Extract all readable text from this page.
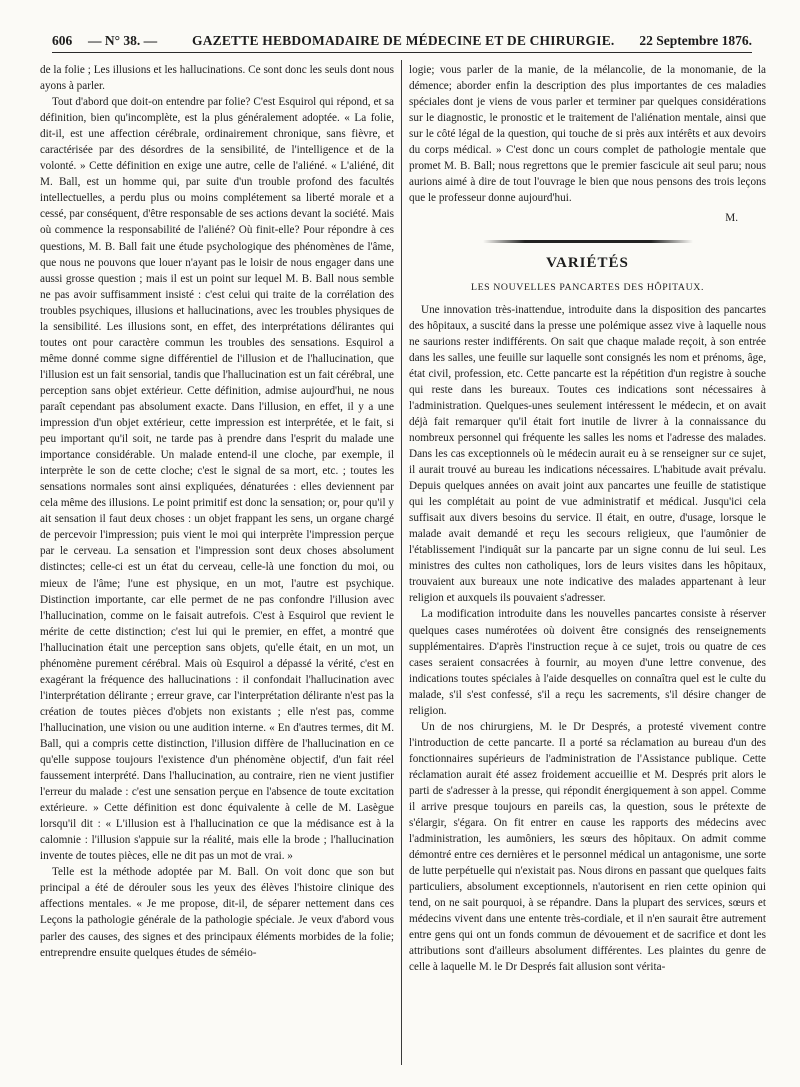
606 — N° 38. —	GAZETTE HEBDOMADAIRE DE MÉDECINE ET DE CHIRURGIE. 22 Septembre 1876.

de la folie ; Les illusions et les hallucinations. Ce sont donc les seuls dont nous ayons à parler.

Tout d'abord que doit-on entendre par folie? C'est Esquirol qui répond, et sa définition, bien qu'incomplète, est la plus généralement adoptée. « La folie, dit-il, est une affection cérébrale, ordinairement chronique, sans fièvre, et caractérisée par des désordres de la sensibilité, de l'intelligence et de la volonté. » Cette définition en exige une autre, celle de l'aliéné. « L'aliéné, dit M. Ball, est un homme qui, par suite d'un trouble profond des facultés intellectuelles, a perdu plus ou moins complétement sa liberté morale et a cessé, par conséquent, d'être responsable de ses actions devant la société. Mais où commence la responsabilité de l'aliéné? Où finit-elle? Pour répondre à ces questions, M. B. Ball fait une étude psychologique des phénomènes de l'âme, que nous ne pouvons que louer n'ayant pas le loisir de nous engager dans une aussi grosse question ; mais il est un point sur lequel M. B. Ball nous semble ne pas avoir suffisamment insisté : c'est celui qui traite de la corrélation des troubles psychiques, illusions et hallucinations, avec les troubles physiques de la sensibilité. Les illusions sont, en effet, des interprétations délirantes qui toutes ont pour caractère commun les troubles des sensations. Esquirol a même donné comme signe différentiel de l'illusion et de l'hallucination, que l'illusion est un fait sensorial, tandis que l'hallucination est un fait cérébral, une perception sans objet extérieur. Cette définition, admise aujourd'hui, ne nous paraît cependant pas absolument exacte. Dans l'illusion, en effet, il y a une impression d'un objet extérieur, cette impression est interprétée, et le fait, si peu important qu'il soit, ne tarde pas à prendre dans l'esprit du malade une importance considérable. Un malade entend-il une cloche, par exemple, il interprète le son de cette cloche; c'est le signal de sa mort, etc. ; toutes les sensations normales sont ainsi expliquées, dénaturées : elles deviennent par cela même des illusions. Le point primitif est donc la sensation; or, pour qu'il y ait sensation il faut deux choses : un objet frappant les sens, un organe chargé de percevoir l'impression; puis vient le moi qui interprète l'impression perçue par le cerveau. La sensation et l'impression sont deux choses absolument distinctes; celle-ci est un état du cerveau, celle-là une fonction du moi, ou mieux de l'âme; l'une est physique, en un mot, l'autre est psychique. Distinction importante, car elle permet de ne pas confondre l'illusion avec l'hallucination, comme on le faisait autrefois. C'est à Esquirol que revient le mérite de cette distinction; c'est lui qui le premier, en effet, a montré que l'hallucination était une perception sans objets, qu'elle était, en un mot, un phénomène purement cérébral. Mais où Esquirol a dépassé la vérité, c'est en exagérant la fréquence des hallucinations : il confondait l'hallucination avec l'interprétation délirante ; erreur grave, car l'interprétation délirante n'est pas la création de toutes pièces d'objets non existants ; elle n'est pas, comme l'hallucination, une vision ou une audition interne. « En d'autres termes, dit M. Ball, qui a compris cette distinction, l'illusion diffère de l'hallucination en ce qu'elle suppose toujours l'existence d'un phénomène objectif, d'un fait réel faussement interprété. Dans l'hallucination, au contraire, rien ne vient justifier l'erreur du malade : c'est une sensation perçue en l'absence de toute excitation extérieure. » Cette définition est donc équivalente à celle de M. Lasègue lorsqu'il dit : « L'illusion est à l'hallucination ce que la médisance est à la calomnie : l'illusion s'appuie sur la réalité, mais elle la brode ; l'hallucination invente de toutes pièces, elle ne dit pas un mot de vrai. »

Telle est la méthode adoptée par M. Ball. On voit donc que son but principal a été de dérouler sous les yeux des élèves l'histoire clinique des affections mentales. « Je me propose, dit-il, de séparer nettement dans ces Leçons la pathologie générale de la pathologie spéciale. Je veux d'abord vous parler des causes, des signes et des principaux éléments morbides de la folie; entreprendre ensuite quelques études de séméio-

logie; vous parler de la manie, de la mélancolie, de la monomanie, de la démence; aborder enfin la description des plus importantes de ces maladies spéciales dont je viens de vous parler et terminer par quelques considérations sur le diagnostic, le pronostic et le traitement de l'aliénation mentale, ainsi que sur le côté légal de la question, qui touche de si près aux intérêts et aux devoirs du corps médical. » C'est donc un cours complet de pathologie mentale que promet M. B. Ball; nous regrettons que le premier fascicule ait seul paru; nous aurions aimé à dire de tout l'ouvrage le bien que nous pensons des trois leçons que le professeur donne aujourd'hui.

M.

VARIÉTÉS

LES NOUVELLES PANCARTES DES HÔPITAUX.

Une innovation très-inattendue, introduite dans la disposition des pancartes des hôpitaux, a suscité dans la presse une polémique assez vive à laquelle nous ne saurions rester indifférents. On sait que chaque malade reçoit, à son entrée dans les salles, une feuille sur laquelle sont consignés les nom et prénoms, âge, état civil, profession, etc. Cette pancarte est la répétition d'un registre à souche qui reste dans les bureaux. Toutes ces indications sont nécessaires à l'administration. Quelques-unes seulement intéressent le médecin, et on avait déjà fait remarquer qu'il était fort inutile de livrer à la connaissance du nombreux personnel qui fréquente les salles les noms et l'adresse des malades. Dans les cas exceptionnels où le médecin aurait eu à se renseigner sur ce sujet, il aurait trouvé au bureau les indications nécessaires. L'habitude avait prévalu. Depuis quelques années on avait joint aux pancartes une feuille de statistique qui les complétait au point de vue administratif et médical. Jusqu'ici cela suffisait aux divers besoins du service. Il était, en outre, d'usage, lorsque le malade avait demandé et reçu les secours religieux, que l'aumônier de l'établissement l'indiquât sur la pancarte par un signe connu de lui seul. Les ministres des cultes non catholiques, lors de leurs visites dans les hôpitaux, trouvaient aux bureaux une note indicative des malades appartenant à leur religion et auxquels ils pouvaient s'adresser.

La modification introduite dans les nouvelles pancartes consiste à réserver quelques cases numérotées où doivent être consignés des renseignements supplémentaires. D'après l'instruction reçue à ce sujet, trois ou quatre de ces cases seraient consacrées à fournir, au moyen d'une lettre convenue, des indications toutes spéciales à l'aide desquelles on connaîtra quel est le culte du malade, s'il s'est confessé, s'il a reçu les sacrements, s'il désire changer de religion.

Un de nos chirurgiens, M. le Dr Després, a protesté vivement contre l'introduction de cette pancarte. Il a porté sa réclamation au bureau d'un des fonctionnaires supérieurs de l'administration de l'Assistance publique. Cette réclamation aurait été assez froidement accueillie et M. Després prit alors le parti de s'adresser à la presse, qui répondit énergiquement à son appel. Comme il arrive presque toujours en pareils cas, la question, sous le prétexte de s'élargir, s'égara. On fit entrer en cause les rapports des médecins avec l'administration, les aumôniers, les sœurs des hôpitaux. On admit comme démontré entre ces dernières et le personnel médical un antagonisme, une sorte de lutte perpétuelle qui n'existait pas. Nous dirons en passant que quelques faits particuliers, absolument exceptionnels, n'autorisent en rien cette opinion qui tend, on ne sait pourquoi, à se répandre. Dans la plupart des services, sœurs et médecins vivent dans une entente très-cordiale, et il n'en saurait être autrement entre gens qui ont un fonds commun de dévouement et de sacrifice et dont les attributions sont d'ailleurs absolument différentes. Les plaintes du genre de celle à laquelle M. le Dr Després fait allusion sont vérita-
